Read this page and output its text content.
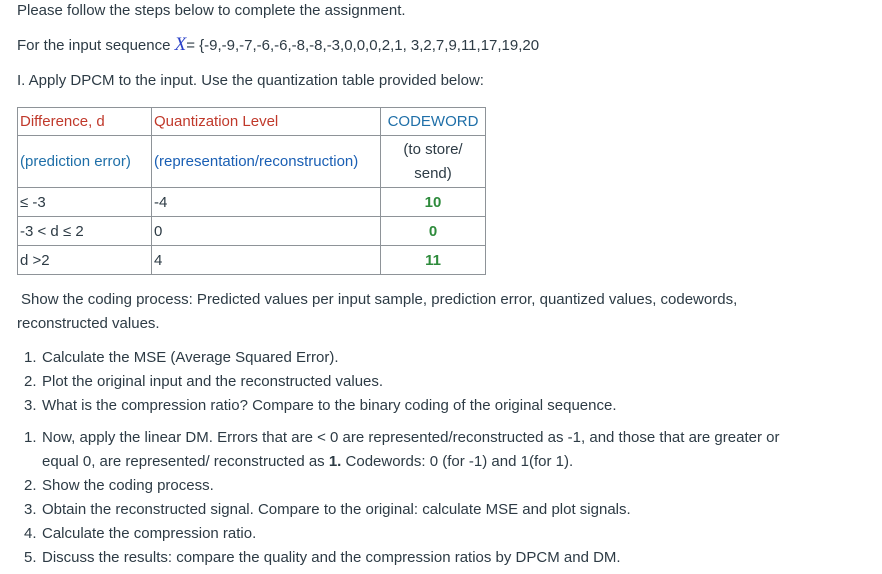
Please follow the steps below to complete the assignment.
For the input sequence X= {-9,-9,-7,-6,-6,-8,-8,-3,0,0,0,2,1, 3,2,7,9,11,17,19,20
I. Apply DPCM to the input. Use the quantization table provided below:
Difference, d	Quantization Level	CODEWORD
(prediction error)	(representation/reconstruction)	(to store/
send)

≤ -3	-4	10
-3 < d ≤ 2	0	0
d >2	4	11
Show the coding process: Predicted values per input sample, prediction error, quantized values, codewords,
reconstructed values.
1. Calculate the MSE (Average Squared Error).
2. Plot the original input and the reconstructed values.
3. What is the compression ratio? Compare to the binary coding of the original sequence.
1. Now, apply the linear DM. Errors that are < 0 are represented/reconstructed as -1, and those that are greater or
equal 0, are represented/ reconstructed as 1. Codewords: 0 (for -1) and 1(for 1).
2. Show the coding process.
3. Obtain the reconstructed signal. Compare to the original: calculate MSE and plot signals.
4. Calculate the compression ratio.
5. Discuss the results: compare the quality and the compression ratios by DPCM and DM.
